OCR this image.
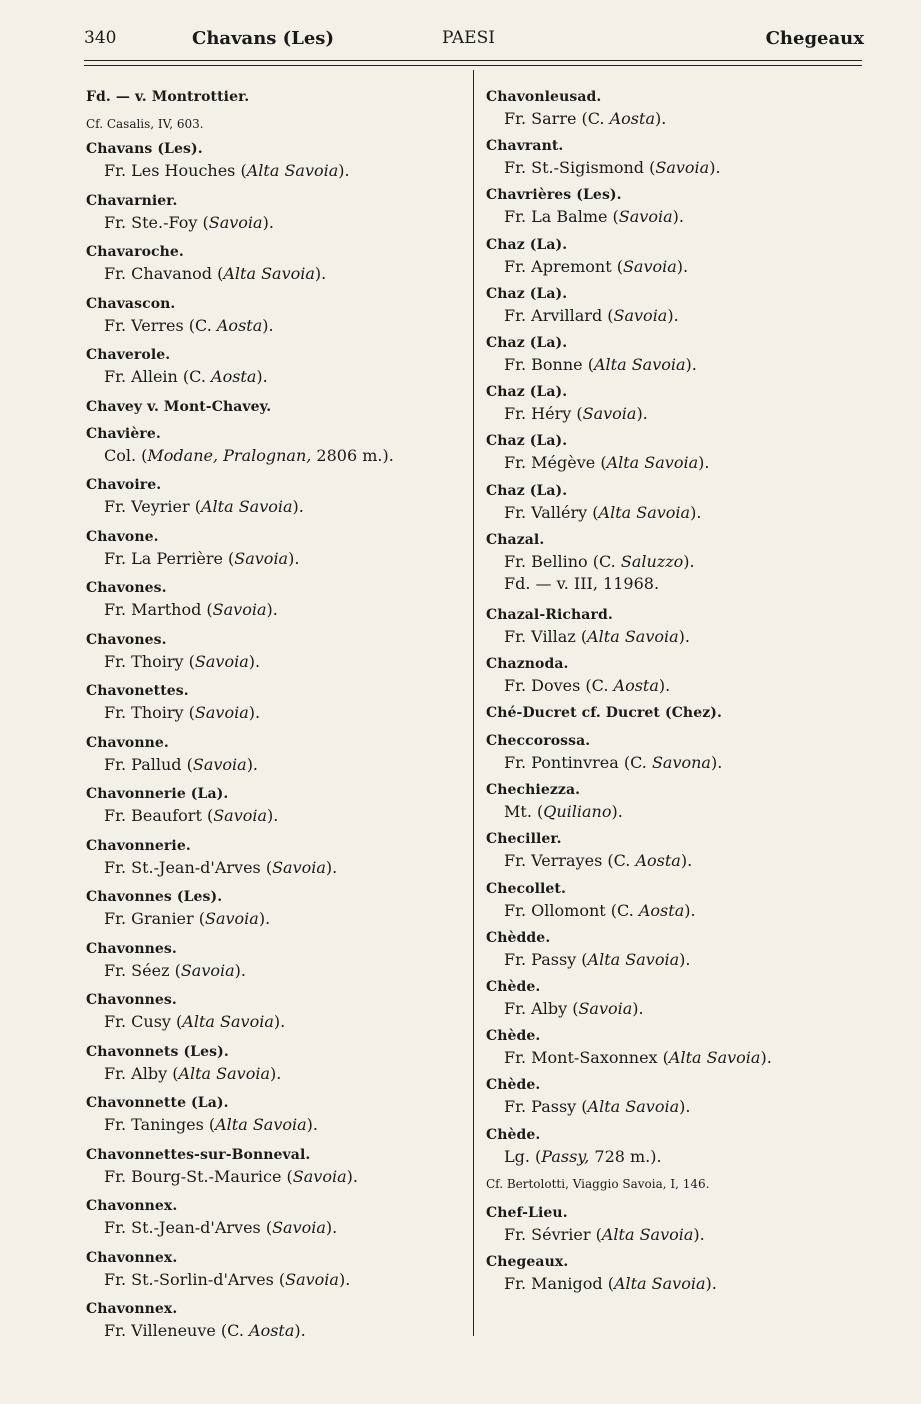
340	Chavans (Les)	PAESI	Chegeaux
Fd. — v. Montrottier.
Cf. Casalis, IV, 603.
Chavans (Les).
Fr. Les Houches (Alta Savoia).
Chavarnier.
Fr. Ste.-Foy (Savoia).
Chavaroche.
Fr. Chavanod (Alta Savoia).
Chavascon.
Fr. Verres (C. Aosta).
Chaverole.
Fr. Allein (C. Aosta).
Chavey v. Mont-Chavey.
Chavière.
Col. (Modane, Pralognan, 2806 m.).
Chavoire.
Fr. Veyrier (Alta Savoia).
Chavone.
Fr. La Perrière (Savoia).
Chavones.
Fr. Marthod (Savoia).
Chavones.
Fr. Thoiry (Savoia).
Chavonettes.
Fr. Thoiry (Savoia).
Chavonne.
Fr. Pallud (Savoia).
Chavonnerie (La).
Fr. Beaufort (Savoia).
Chavonnerie.
Fr. St.-Jean-d'Arves (Savoia).
Chavonnes (Les).
Fr. Granier (Savoia).
Chavonnes.
Fr. Séez (Savoia).
Chavonnes.
Fr. Cusy (Alta Savoia).
Chavonnets (Les).
Fr. Alby (Alta Savoia).
Chavonnette (La).
Fr. Taninges (Alta Savoia).
Chavonnettes-sur-Bonneval.
Fr. Bourg-St.-Maurice (Savoia).
Chavonnex.
Fr. St.-Jean-d'Arves (Savoia).
Chavonnex.
Fr. St.-Sorlin-d'Arves (Savoia).
Chavonnex.
Fr. Villeneuve (C. Aosta).
Chavonleusad.
Fr. Sarre (C. Aosta).
Chavrant.
Fr. St.-Sigismond (Savoia).
Chavrières (Les).
Fr. La Balme (Savoia).
Chaz (La).
Fr. Apremont (Savoia).
Chaz (La).
Fr. Arvillard (Savoia).
Chaz (La).
Fr. Bonne (Alta Savoia).
Chaz (La).
Fr. Héry (Savoia).
Chaz (La).
Fr. Mégève (Alta Savoia).
Chaz (La).
Fr. Valléry (Alta Savoia).
Chazal.
Fr. Bellino (C. Saluzzo).
Fd. — v. III, 11968.
Chazal-Richard.
Fr. Villaz (Alta Savoia).
Chaznoda.
Fr. Doves (C. Aosta).
Ché-Ducret cf. Ducret (Chez).
Checcorossa.
Fr. Pontinvrea (C. Savona).
Chechiezza.
Mt. (Quiliano).
Checiller.
Fr. Verrayes (C. Aosta).
Checollet.
Fr. Ollomont (C. Aosta).
Chèdde.
Fr. Passy (Alta Savoia).
Chède.
Fr. Alby (Savoia).
Chède.
Fr. Mont-Saxonnex (Alta Savoia).
Chède.
Fr. Passy (Alta Savoia).
Chède.
Lg. (Passy, 728 m.).
Cf. Bertolotti, Viaggio Savoia, I, 146.
Chef-Lieu.
Fr. Sévrier (Alta Savoia).
Chegeaux.
Fr. Manigod (Alta Savoia).
